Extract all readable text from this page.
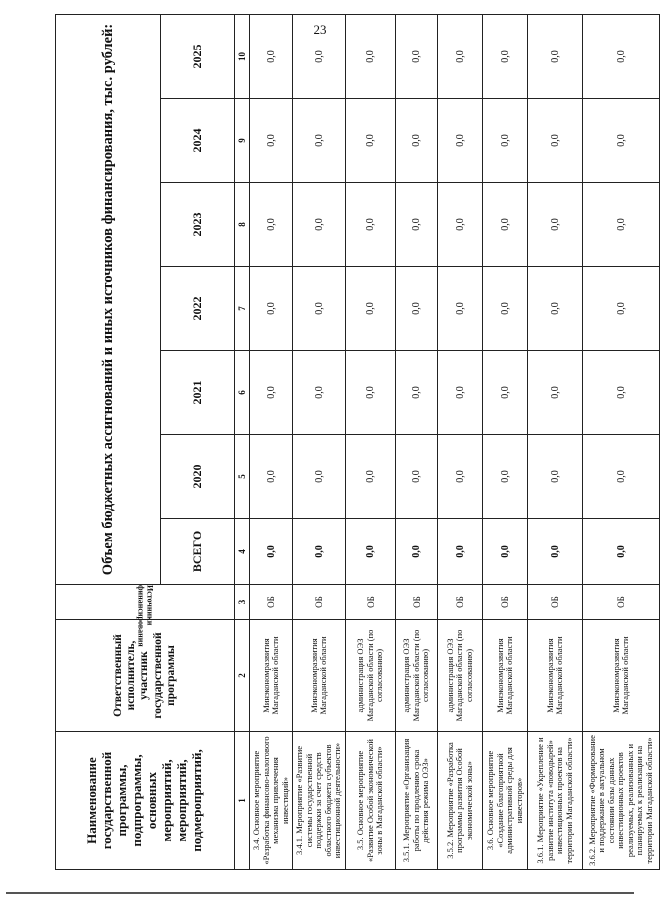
23
Наименование государственной программы, подпрограммы, основных мероприятий, мероприятий, подмероприятий,	Ответственный исполнитель, участник государственной программы	Источники финансирования	Объем бюджетных ассигнований и иных источников финансирования, тыс. рублей:						
			ВСЕГО	2020	2021	2022	2023	2024	2025
1	2	3	4	5	6	7	8	9	10
3.4. Основное мероприятие «Разработка финансово-налогового механизма привлечения инвестиций»	Минэкономразвития Магаданской области	ОБ	0,0	0,0	0,0	0,0	0,0	0,0	0,0
3.4.1. Мероприятие «Развитие системы государственной поддержки за счет средств областного бюджета субъектов инвестиционной деятельности»	Минэкономразвития Магаданской области	ОБ	0,0	0,0	0,0	0,0	0,0	0,0	0,0
3.5. Основное мероприятие «Развитие Особой экономической зоны в Магаданской области»	администрация ОЭЗ Магаданской области (по согласованию)	ОБ	0,0	0,0	0,0	0,0	0,0	0,0	0,0
3.5.1. Мероприятие «Организация работы по продлению срока действия режима ОЭЗ»	администрация ОЭЗ Магаданской области (по согласованию)	ОБ	0,0	0,0	0,0	0,0	0,0	0,0	0,0
3.5.2. Мероприятие «Разработка программы развития Особой экономической зоны»	администрация ОЭЗ Магаданской области (по согласованию)	ОБ	0,0	0,0	0,0	0,0	0,0	0,0	0,0
3.6. Основное мероприятие «Создание благоприятной административной среды для инвесторов»	Минэкономразвития Магаданской области	ОБ	0,0	0,0	0,0	0,0	0,0	0,0	0,0
3.6.1. Мероприятие «Укрепление и развитие института «поводырей» инвестиционных проектов на территории Магаданской области»	Минэкономразвития Магаданской области	ОБ	0,0	0,0	0,0	0,0	0,0	0,0	0,0
3.6.2. Мероприятие «Формирование и поддержание в актуальном состоянии базы данных инвестиционных проектов реализуемых, реализованных и планируемых к реализации на территории Магаданской области»	Минэкономразвития Магаданской области	ОБ	0,0	0,0	0,0	0,0	0,0	0,0	0,0
